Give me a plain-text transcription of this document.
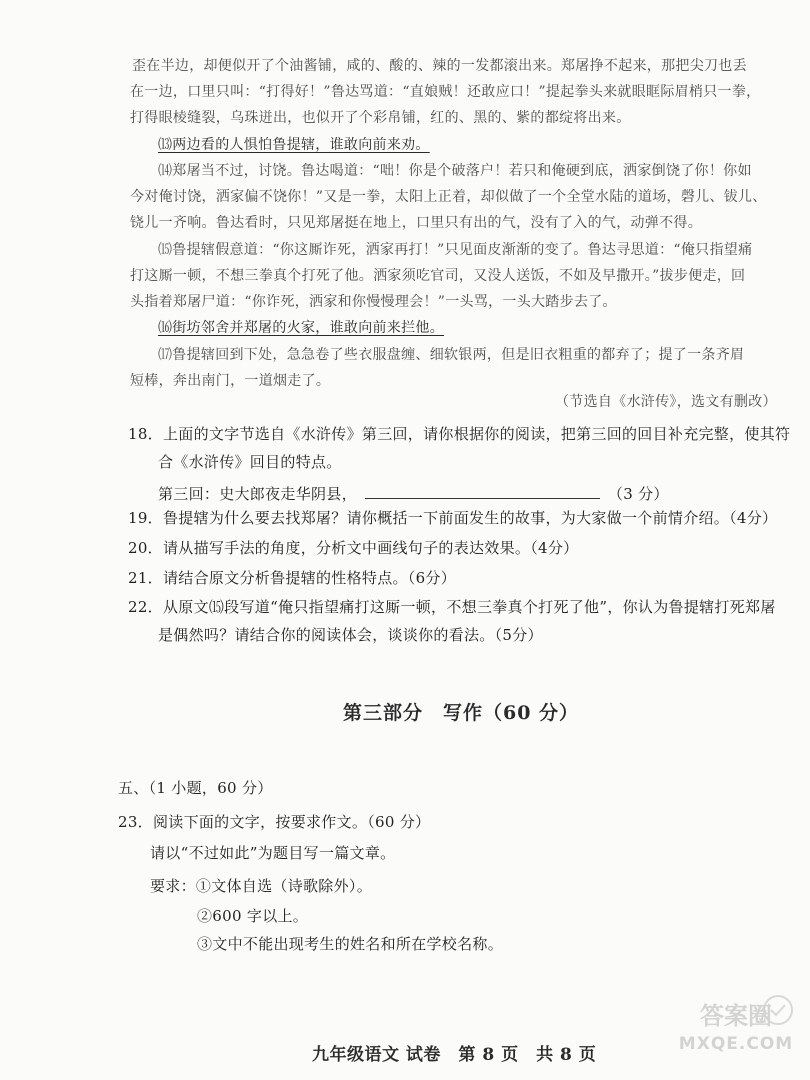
歪在半边，却便似开了个油酱铺，咸的、酸的、辣的一发都滚出来。郑屠挣不起来，那把尖刀也丢
在一边，口里只叫：“打得好！”鲁达骂道：“直娘贼！还敢应口！”提起拳头来就眼眶际眉梢只一拳，
打得眼棱缝裂，乌珠迸出，也似开了个彩帛铺，红的、黑的、紫的都绽将出来。
⒀两边看的人惧怕鲁提辖，谁敢向前来劝。
⒁郑屠当不过，讨饶。鲁达喝道：“咄！你是个破落户！若只和俺硬到底，洒家倒饶了你！你如
今对俺讨饶，洒家偏不饶你！”又是一拳，太阳上正着，却似做了一个全堂水陆的道场，磬儿、钹儿、
铙儿一齐响。鲁达看时，只见郑屠挺在地上，口里只有出的气，没有了入的气，动弹不得。
⒂鲁提辖假意道：“你这厮诈死，洒家再打！”只见面皮渐渐的变了。鲁达寻思道：“俺只指望痛
打这厮一顿，不想三拳真个打死了他。洒家须吃官司，又没人送饭，不如及早撒开。”拔步便走，回
头指着郑屠尸道：“你诈死，洒家和你慢慢理会！”一头骂，一头大踏步去了。
⒃街坊邻舍并郑屠的火家，谁敢向前来拦他。
⒄鲁提辖回到下处，急急卷了些衣服盘缠、细软银两，但是旧衣粗重的都弃了；提了一条齐眉
短棒，奔出南门，一道烟走了。
（节选自《水浒传》，选文有删改）
18．上面的文字节选自《水浒传》第三回，请你根据你的阅读，把第三回的回目补充完整，使其符
合《水浒传》回目的特点。
第三回：史大郎夜走华阴县，	（3 分）
19．鲁提辖为什么要去找郑屠？请你概括一下前面发生的故事，为大家做一个前情介绍。（4分）
20．请从描写手法的角度，分析文中画线句子的表达效果。（4分）
21．请结合原文分析鲁提辖的性格特点。（6分）
22．从原文⒂段写道“俺只指望痛打这厮一顿，不想三拳真个打死了他”，你认为鲁提辖打死郑屠
是偶然吗？请结合你的阅读体会，谈谈你的看法。（5分）
第三部分　写作（60 分）
五、（1 小题，60 分）
23．阅读下面的文字，按要求作文。（60 分）
请以“不过如此”为题目写一篇文章。
要求：①文体自选（诗歌除外）。
②600 字以上。
③文中不能出现考生的姓名和所在学校名称。
九年级语文 试卷　第 8 页　共 8 页
答案圈
MXQE.COM
